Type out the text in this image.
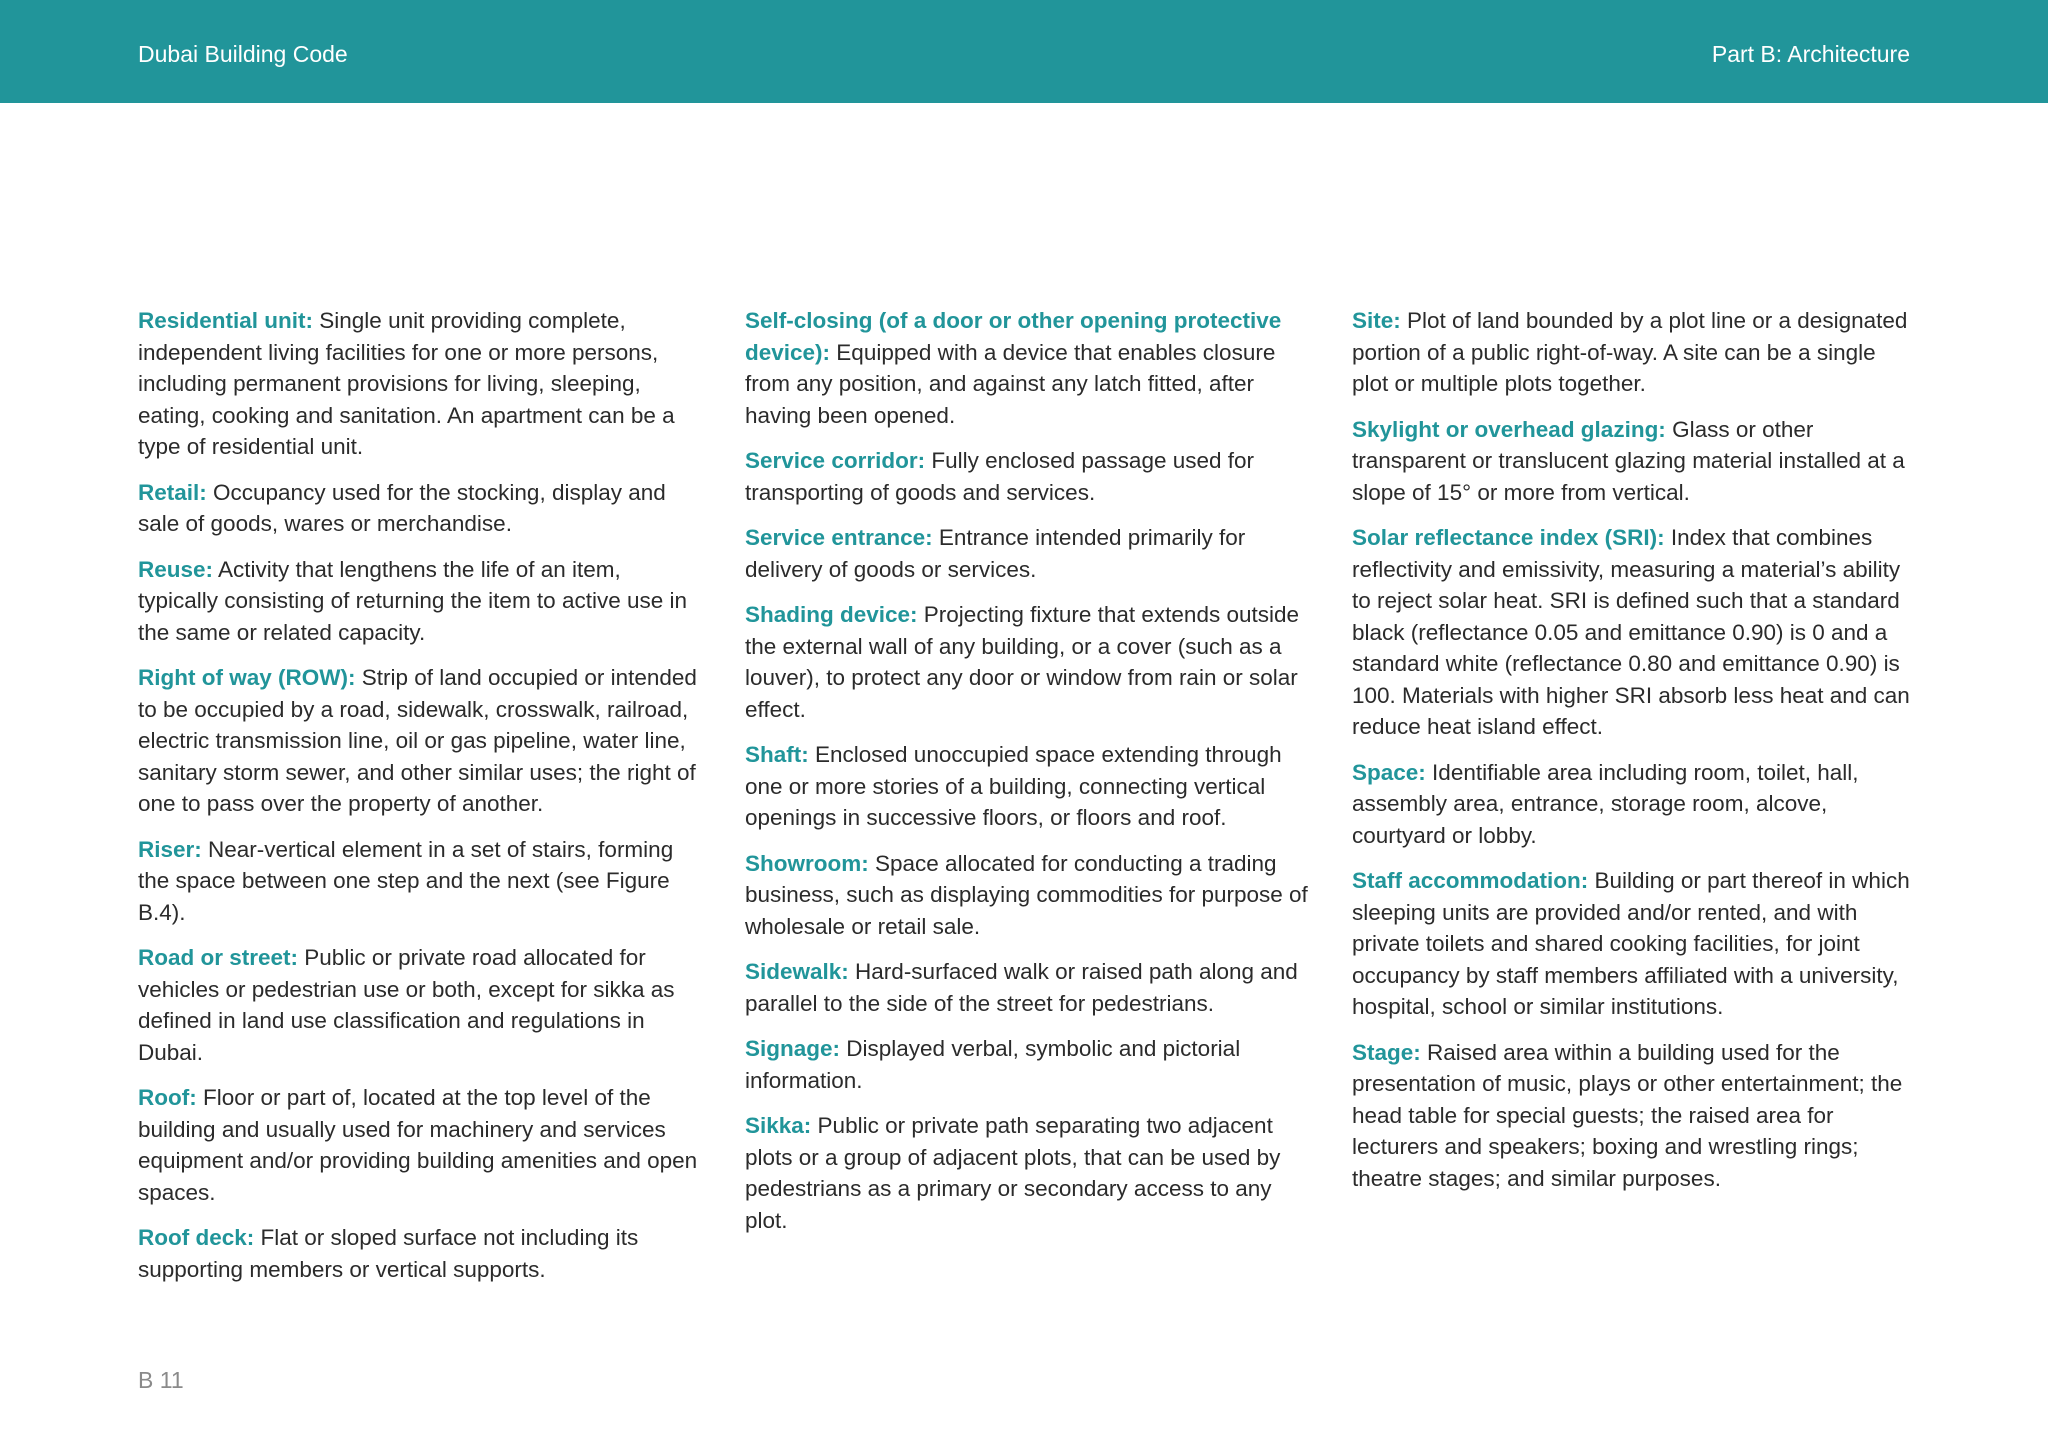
Dubai Building Code	Part B: Architecture

Residential unit: Single unit providing complete, independent living facilities for one or more persons, including permanent provisions for living, sleeping, eating, cooking and sanitation. An apartment can be a type of residential unit.

Retail: Occupancy used for the stocking, display and sale of goods, wares or merchandise.

Reuse: Activity that lengthens the life of an item, typically consisting of returning the item to active use in the same or related capacity.

Right of way (ROW): Strip of land occupied or intended to be occupied by a road, sidewalk, crosswalk, railroad, electric transmission line, oil or gas pipeline, water line, sanitary storm sewer, and other similar uses; the right of one to pass over the property of another.

Riser: Near-vertical element in a set of stairs, forming the space between one step and the next (see Figure B.4).

Road or street: Public or private road allocated for vehicles or pedestrian use or both, except for sikka as defined in land use classification and regulations in Dubai.

Roof: Floor or part of, located at the top level of the building and usually used for machinery and services equipment and/or providing building amenities and open spaces.

Roof deck: Flat or sloped surface not including its supporting members or vertical supports.

Self-closing (of a door or other opening protective device): Equipped with a device that enables closure from any position, and against any latch fitted, after having been opened.

Service corridor: Fully enclosed passage used for transporting of goods and services.

Service entrance: Entrance intended primarily for delivery of goods or services.

Shading device: Projecting fixture that extends outside the external wall of any building, or a cover (such as a louver), to protect any door or window from rain or solar effect.

Shaft: Enclosed unoccupied space extending through one or more stories of a building, connecting vertical openings in successive floors, or floors and roof.

Showroom: Space allocated for conducting a trading business, such as displaying commodities for purpose of wholesale or retail sale.

Sidewalk: Hard-surfaced walk or raised path along and parallel to the side of the street for pedestrians.

Signage: Displayed verbal, symbolic and pictorial information.

Sikka: Public or private path separating two adjacent plots or a group of adjacent plots, that can be used by pedestrians as a primary or secondary access to any plot.

Site: Plot of land bounded by a plot line or a designated portion of a public right-of-way. A site can be a single plot or multiple plots together.

Skylight or overhead glazing: Glass or other transparent or translucent glazing material installed at a slope of 15° or more from vertical.

Solar reflectance index (SRI): Index that combines reflectivity and emissivity, measuring a material’s ability to reject solar heat. SRI is defined such that a standard black (reflectance 0.05 and emittance 0.90) is 0 and a standard white (reflectance 0.80 and emittance 0.90) is 100. Materials with higher SRI absorb less heat and can reduce heat island effect.

Space: Identifiable area including room, toilet, hall, assembly area, entrance, storage room, alcove, courtyard or lobby.

Staff accommodation: Building or part thereof in which sleeping units are provided and/or rented, and with private toilets and shared cooking facilities, for joint occupancy by staff members affiliated with a university, hospital, school or similar institutions.

Stage: Raised area within a building used for the presentation of music, plays or other entertainment; the head table for special guests; the raised area for lecturers and speakers; boxing and wrestling rings; theatre stages; and similar purposes.

B 11
